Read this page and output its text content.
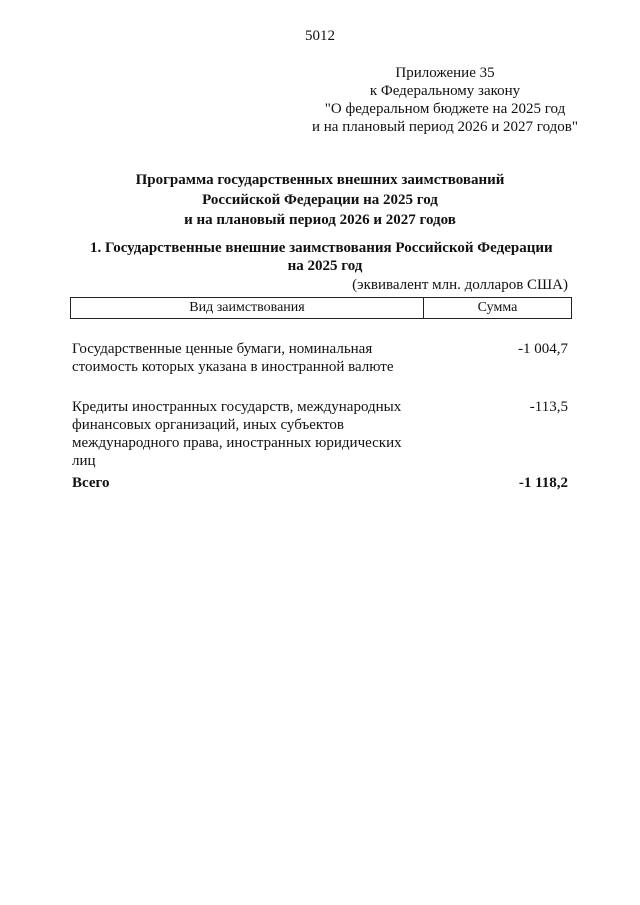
5012
Приложение 35
к Федеральному закону
"О федеральном бюджете на 2025 год
и на плановый период 2026 и 2027 годов"
Программа государственных внешних заимствований
Российской Федерации на 2025 год
и на плановый период 2026 и 2027 годов
1. Государственные внешние заимствования Российской Федерации
на 2025 год
(эквивалент млн. долларов США)
Вид заимствования	Сумма
Государственные ценные бумаги, номинальная
стоимость которых указана в иностранной валюте
-1 004,7
Кредиты иностранных государств, международных
финансовых организаций, иных субъектов
международного права, иностранных юридических
лиц
-113,5
Всего	-1 118,2
